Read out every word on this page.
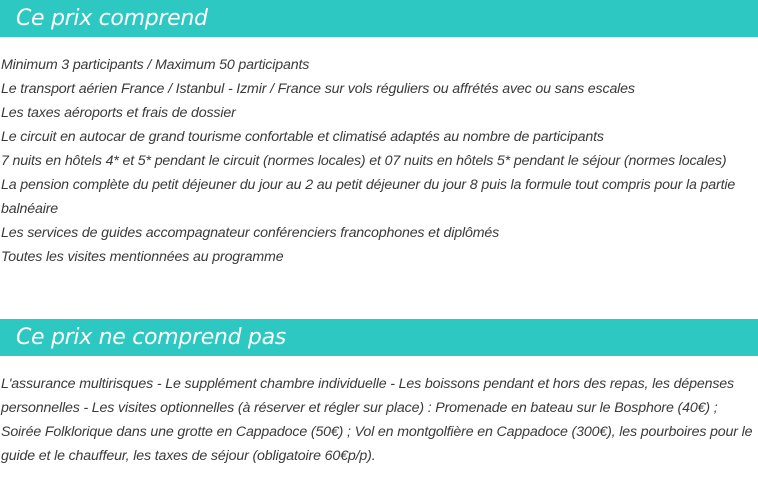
Ce prix comprend
Minimum 3 participants / Maximum 50 participants
Le transport aérien France / Istanbul - Izmir / France sur vols réguliers ou affrétés avec ou sans escales
Les taxes aéroports et frais de dossier
Le circuit en autocar de grand tourisme confortable et climatisé adaptés au nombre de participants
7 nuits en hôtels 4* et 5* pendant le circuit (normes locales) et 07 nuits en hôtels 5* pendant le séjour (normes locales)
La pension complète du petit déjeuner du jour au 2 au petit déjeuner du jour 8 puis la formule tout compris pour la partie balnéaire
Les services de guides accompagnateur conférenciers francophones et diplômés
Toutes les visites mentionnées au programme
Ce prix ne comprend pas

L'assurance multirisques - Le supplément chambre individuelle - Les boissons pendant et hors des repas, les dépenses personnelles - Les visites optionnelles (à réserver et régler sur place) : Promenade en bateau sur le Bosphore (40€) ; Soirée Folklorique dans une grotte en Cappadoce (50€) ; Vol en montgolfière en Cappadoce (300€), les pourboires pour le guide et le chauffeur, les taxes de séjour (obligatoire 60€p/p).
